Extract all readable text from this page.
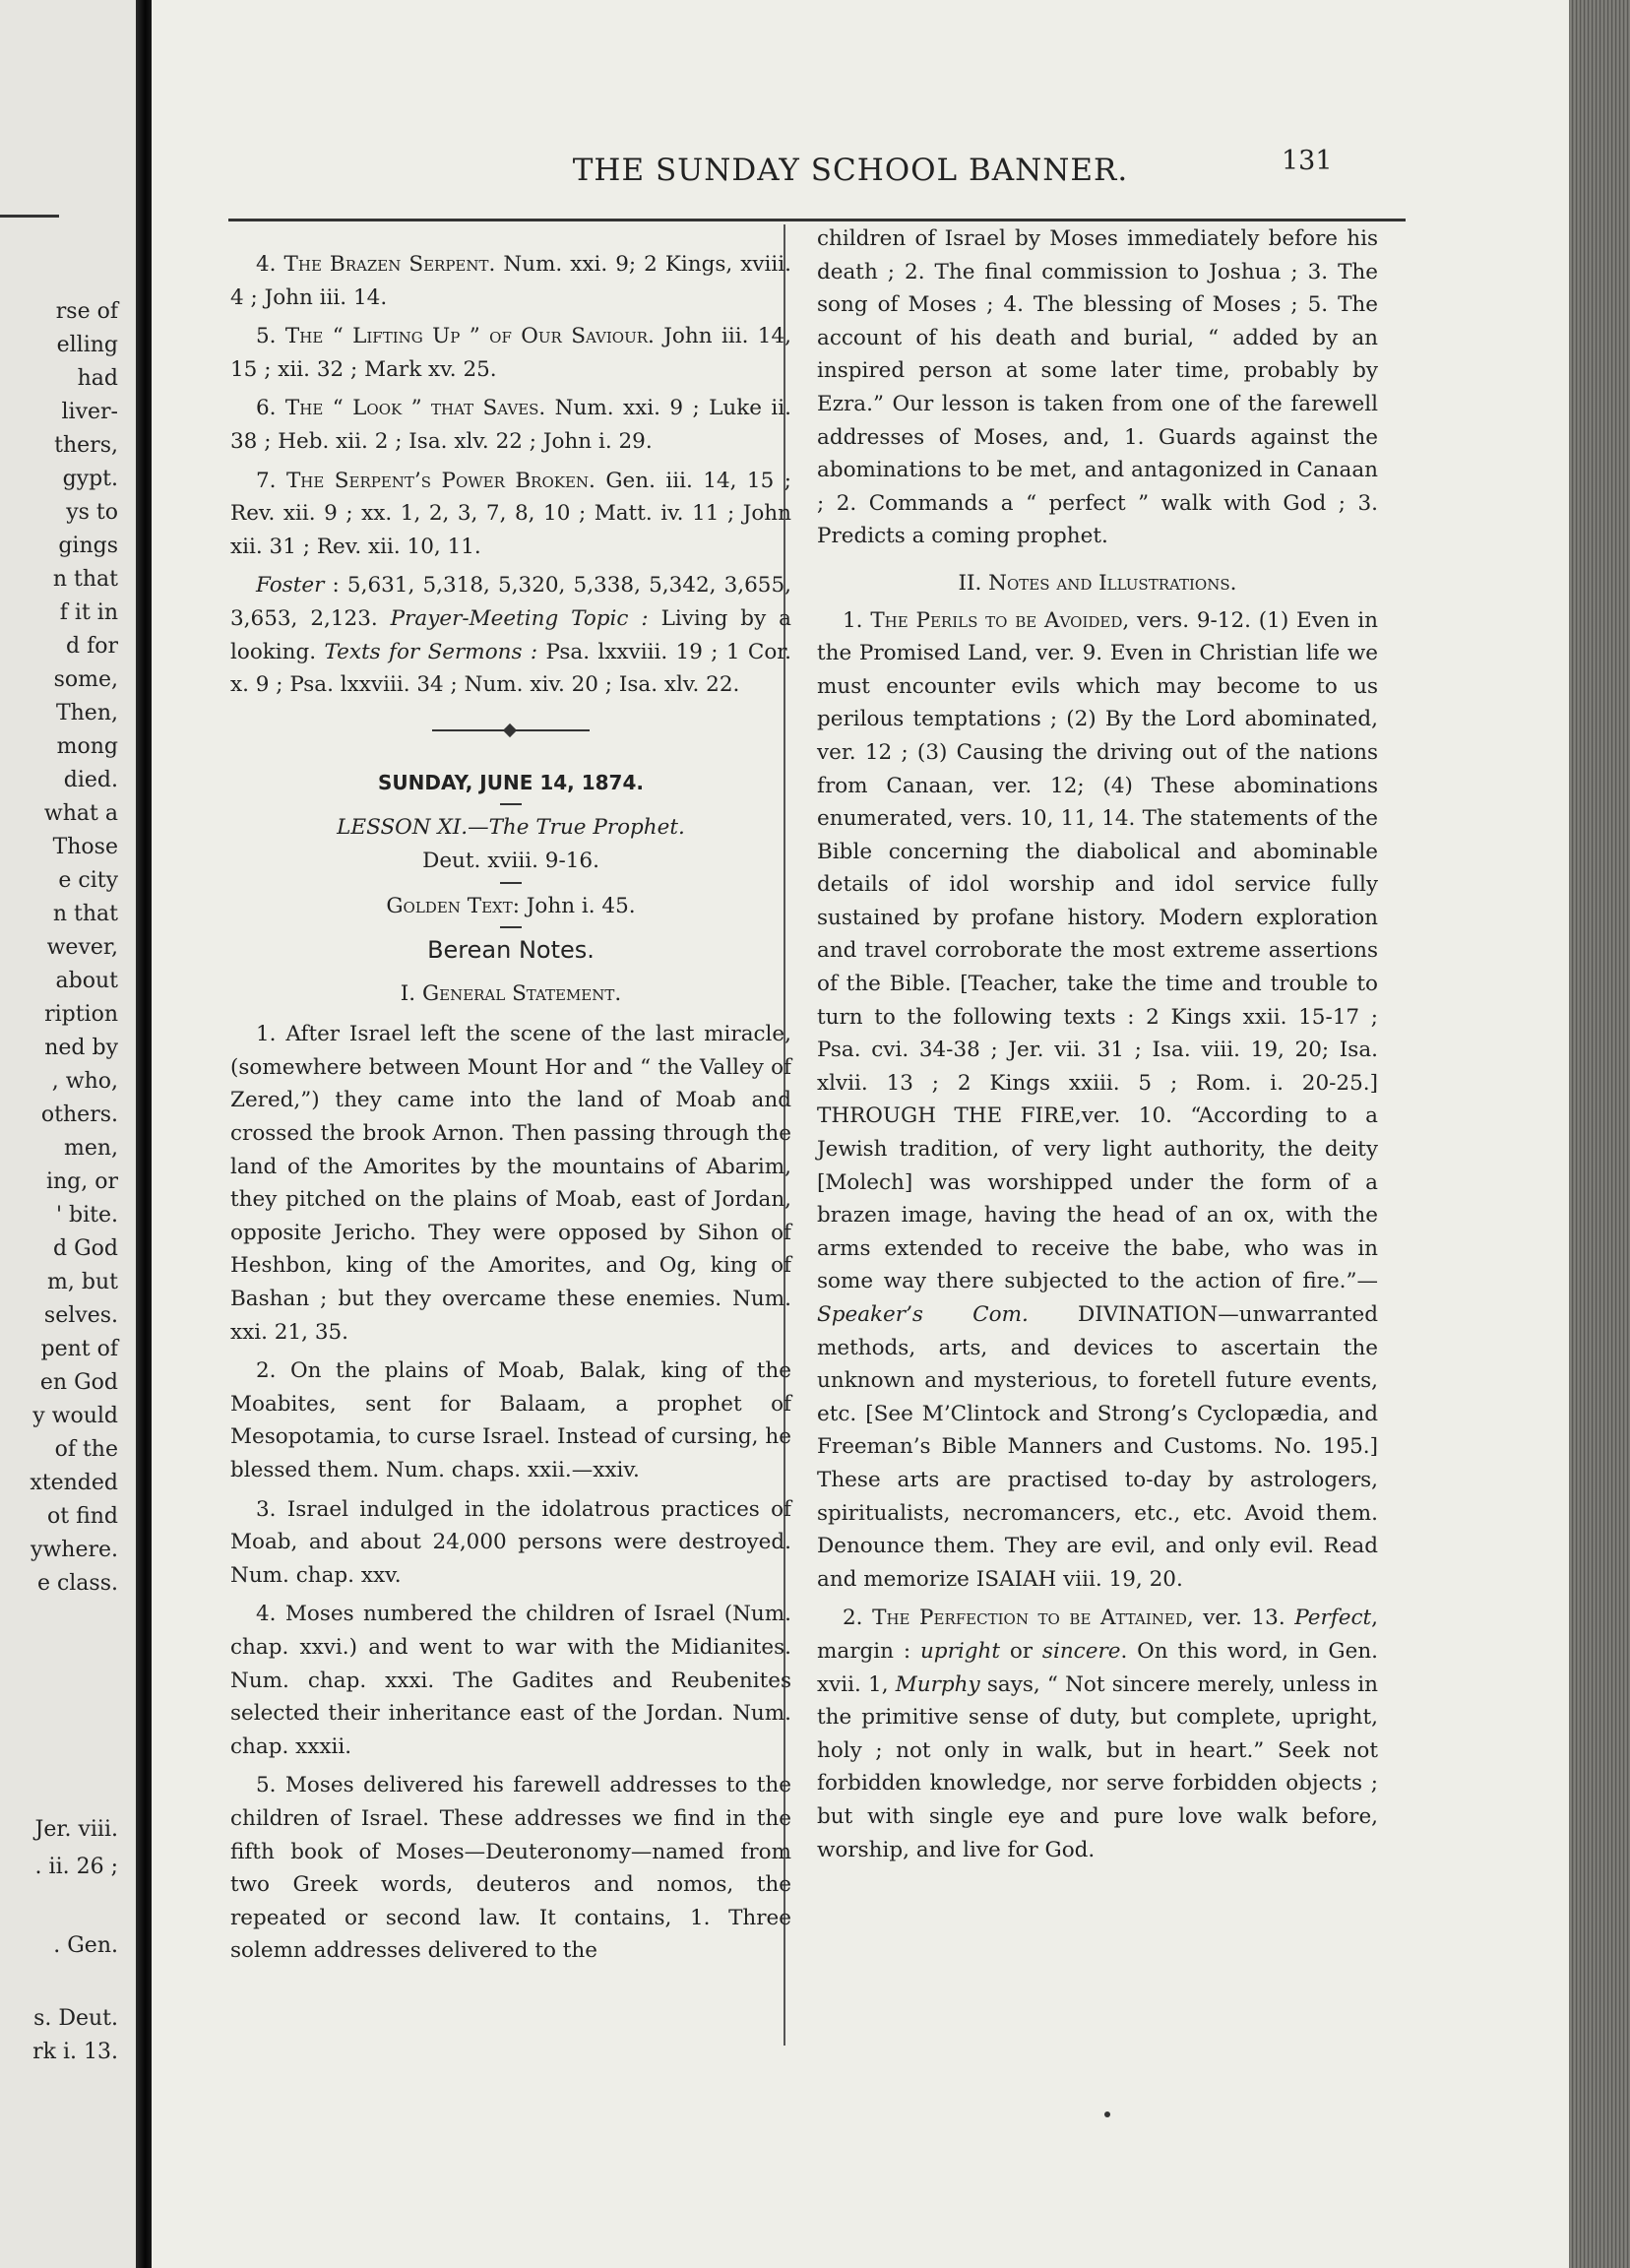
rse of
elling
had
liver-
thers,
gypt.
ys to
gings
n that
f it in
d for
some,
Then,
mong
died.
what a
Those
e city
n that
wever,
about
ription
ned by
, who,
others.
men,
ing, or
' bite.
d God
m, but
selves.
pent of
en God
y would
of the
xtended
ot find
ywhere.
e class.
Jer. viii.
. ii. 26 ;
. Gen.
s. Deut.
rk i. 13.
THE SUNDAY SCHOOL BANNER.	131

4. The Brazen Serpent. Num. xxi. 9; 2 Kings, xviii. 4 ; John iii. 14.

5. The “ Lifting Up ” of Our Saviour. John iii. 14, 15 ; xii. 32 ; Mark xv. 25.

6. The “ Look ” that Saves. Num. xxi. 9 ; Luke ii. 38 ; Heb. xii. 2 ; Isa. xlv. 22 ; John i. 29.

7. The Serpent’s Power Broken. Gen. iii. 14, 15 ; Rev. xii. 9 ; xx. 1, 2, 3, 7, 8, 10 ; Matt. iv. 11 ; John xii. 31 ; Rev. xii. 10, 11.

Foster : 5,631, 5,318, 5,320, 5,338, 5,342, 3,655, 3,653, 2,123. Prayer-Meeting Topic : Living by a looking. Texts for Sermons : Psa. lxxviii. 19 ; 1 Cor. x. 9 ; Psa. lxxviii. 34 ; Num. xiv. 20 ; Isa. xlv. 22.

SUNDAY, JUNE 14, 1874.
LESSON XI.—The True Prophet.
Deut. xviii. 9-16.
Golden Text: John i. 45.
Berean Notes.
I. General Statement.

1. After Israel left the scene of the last miracle, (somewhere between Mount Hor and “ the Valley of Zered,”) they came into the land of Moab and crossed the brook Arnon. Then passing through the land of the Amorites by the mountains of Abarim, they pitched on the plains of Moab, east of Jordan, opposite Jericho. They were opposed by Sihon of Heshbon, king of the Amorites, and Og, king of Bashan ; but they overcame these enemies. Num. xxi. 21, 35.

2. On the plains of Moab, Balak, king of the Moabites, sent for Balaam, a prophet of Mesopotamia, to curse Israel. Instead of cursing, he blessed them. Num. chaps. xxii.—xxiv.

3. Israel indulged in the idolatrous practices of Moab, and about 24,000 persons were destroyed. Num. chap. xxv.

4. Moses numbered the children of Israel (Num. chap. xxvi.) and went to war with the Midianites. Num. chap. xxxi. The Gadites and Reubenites selected their inheritance east of the Jordan. Num. chap. xxxii.

5. Moses delivered his farewell addresses to the children of Israel. These addresses we find in the fifth book of Moses—Deuteronomy—named from two Greek words, deuteros and nomos, the repeated or second law. It contains, 1. Three solemn addresses delivered to the

children of Israel by Moses immediately before his death ; 2. The final commission to Joshua ; 3. The song of Moses ; 4. The blessing of Moses ; 5. The account of his death and burial, “ added by an inspired person at some later time, probably by Ezra.” Our lesson is taken from one of the farewell addresses of Moses, and, 1. Guards against the abominations to be met, and antagonized in Canaan ; 2. Commands a “ perfect ” walk with God ; 3. Predicts a coming prophet.

II. Notes and Illustrations.

1. The Perils to be Avoided, vers. 9-12. (1) Even in the Promised Land, ver. 9. Even in Christian life we must encounter evils which may become to us perilous temptations ; (2) By the Lord abominated, ver. 12 ; (3) Causing the driving out of the nations from Canaan, ver. 12; (4) These abominations enumerated, vers. 10, 11, 14. The statements of the Bible concerning the diabolical and abominable details of idol worship and idol service fully sustained by profane history. Modern exploration and travel corroborate the most extreme assertions of the Bible. [Teacher, take the time and trouble to turn to the following texts : 2 Kings xxii. 15-17 ; Psa. cvi. 34-38 ; Jer. vii. 31 ; Isa. viii. 19, 20; Isa. xlvii. 13 ; 2 Kings xxiii. 5 ; Rom. i. 20-25.] THROUGH THE FIRE,ver. 10. “According to a Jewish tradition, of very light authority, the deity [Molech] was worshipped under the form of a brazen image, having the head of an ox, with the arms extended to receive the babe, who was in some way there subjected to the action of fire.”—Speaker’s Com. DIVINATION—unwarranted methods, arts, and devices to ascertain the unknown and mysterious, to foretell future events, etc. [See M’Clintock and Strong’s Cyclopædia, and Freeman’s Bible Manners and Customs. No. 195.] These arts are practised to-day by astrologers, spiritualists, necromancers, etc., etc. Avoid them. Denounce them. They are evil, and only evil. Read and memorize ISAIAH viii. 19, 20.

2. The Perfection to be Attained, ver. 13. Perfect, margin : upright or sincere. On this word, in Gen. xvii. 1, Murphy says, “ Not sincere merely, unless in the primitive sense of duty, but complete, upright, holy ; not only in walk, but in heart.” Seek not forbidden knowledge, nor serve forbidden objects ; but with single eye and pure love walk before, worship, and live for God.
